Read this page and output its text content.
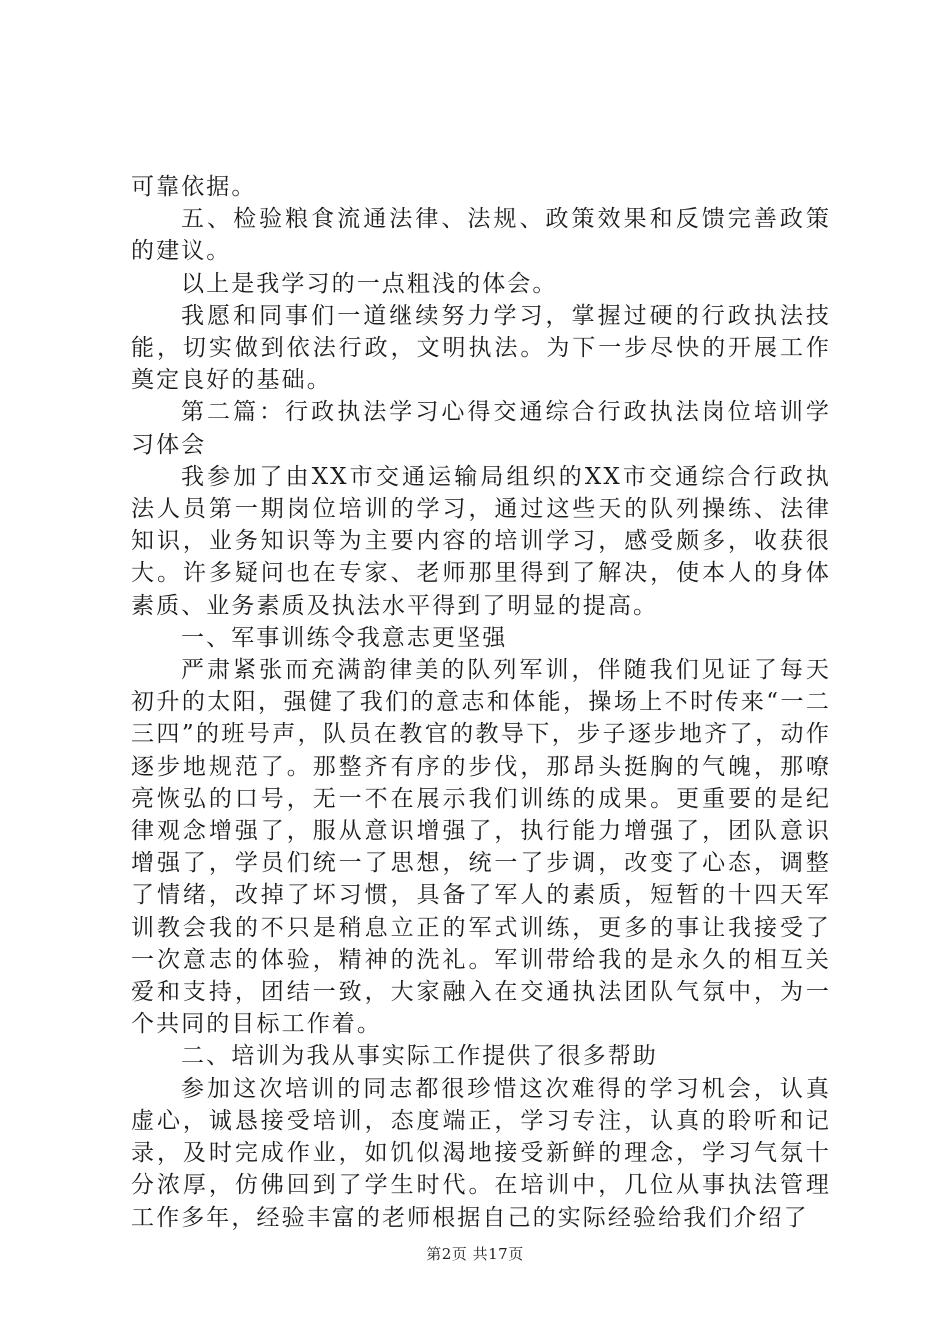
可靠依据。

五、检验粮食流通法律、法规、政策效果和反馈完善政策的建议。

以上是我学习的一点粗浅的体会。

我愿和同事们一道继续努力学习，掌握过硬的行政执法技能，切实做到依法行政，文明执法。为下一步尽快的开展工作奠定良好的基础。

第二篇：行政执法学习心得交通综合行政执法岗位培训学习体会

我参加了由XX市交通运输局组织的XX市交通综合行政执法人员第一期岗位培训的学习，通过这些天的队列操练、法律知识，业务知识等为主要内容的培训学习，感受颇多，收获很大。许多疑问也在专家、老师那里得到了解决，使本人的身体素质、业务素质及执法水平得到了明显的提高。

一、军事训练令我意志更坚强

严肃紧张而充满韵律美的队列军训，伴随我们见证了每天初升的太阳，强健了我们的意志和体能，操场上不时传来“一二三四”的班号声，队员在教官的教导下，步子逐步地齐了，动作逐步地规范了。那整齐有序的步伐，那昂头挺胸的气魄，那嘹亮恢弘的口号，无一不在展示我们训练的成果。更重要的是纪律观念增强了，服从意识增强了，执行能力增强了，团队意识增强了，学员们统一了思想，统一了步调，改变了心态，调整了情绪，改掉了坏习惯，具备了军人的素质，短暂的十四天军训教会我的不只是稍息立正的军式训练，更多的事让我接受了一次意志的体验，精神的洗礼。军训带给我的是永久的相互关爱和支持，团结一致，大家融入在交通执法团队气氛中，为一个共同的目标工作着。

二、培训为我从事实际工作提供了很多帮助

参加这次培训的同志都很珍惜这次难得的学习机会，认真虚心，诚恳接受培训，态度端正，学习专注，认真的聆听和记录，及时完成作业，如饥似渴地接受新鲜的理念，学习气氛十分浓厚，仿佛回到了学生时代。在培训中，几位从事执法管理工作多年，经验丰富的老师根据自己的实际经验给我们介绍了

第2页 共17页
